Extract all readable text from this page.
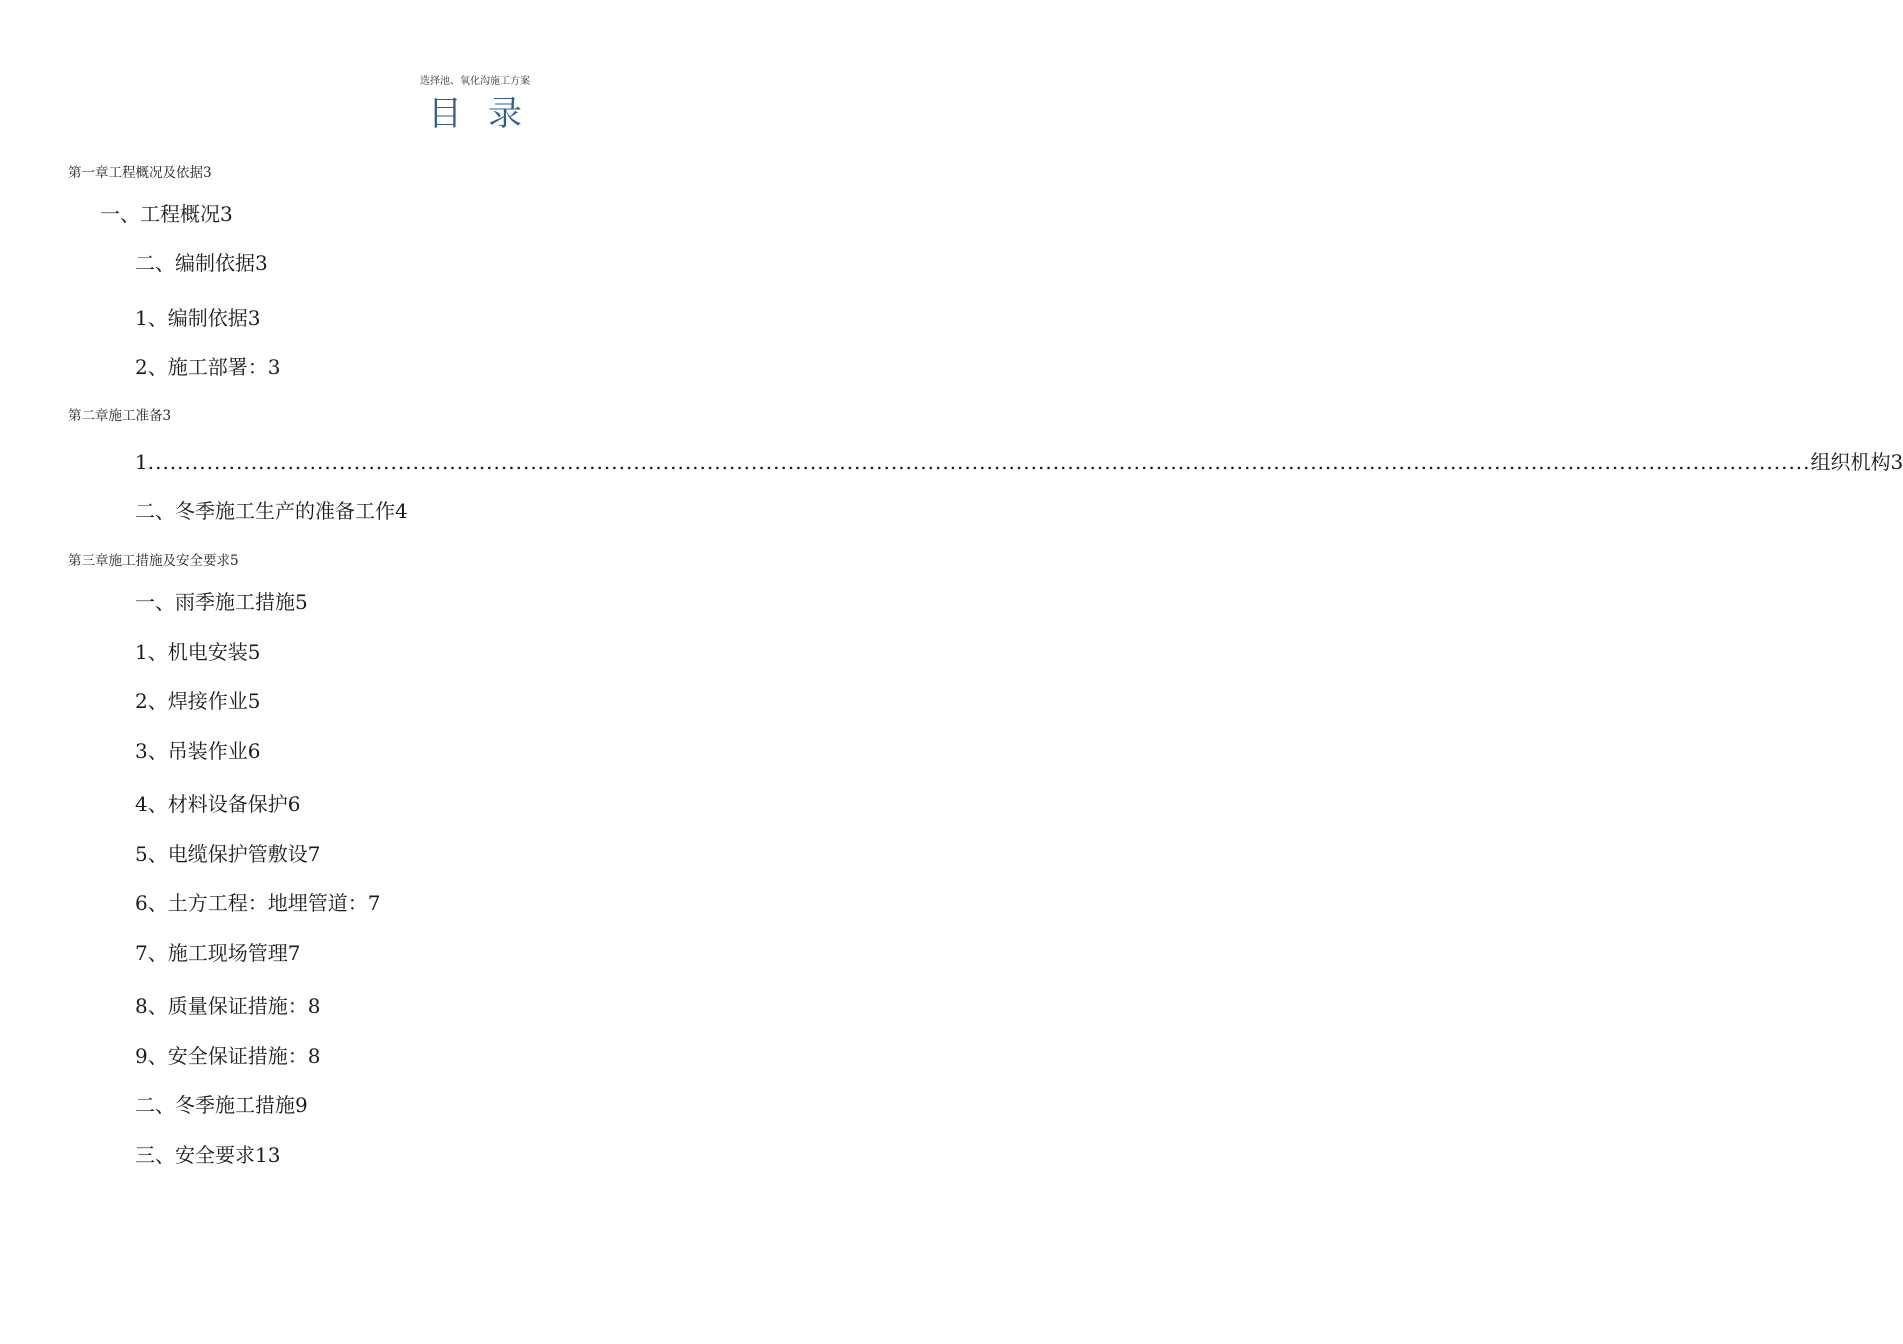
选择池、氧化沟施工方案
目录
第一章工程概况及依据3
一、工程概况3
二、编制依据3
1、编制依据3
2、施工部署：3
第二章施工准备3
1 .................................................................................................................................................................................................................................. 组织机构 3
二、冬季施工生产的准备工作4
第三章施工措施及安全要求5
一、雨季施工措施5
1、机电安装5
2、焊接作业5
3、吊装作业6
4、材料设备保护6
5、电缆保护管敷设7
6、土方工程：地埋管道：7
7、施工现场管理7
8、质量保证措施：8
9、安全保证措施：8
二、冬季施工措施9
三、安全要求13
